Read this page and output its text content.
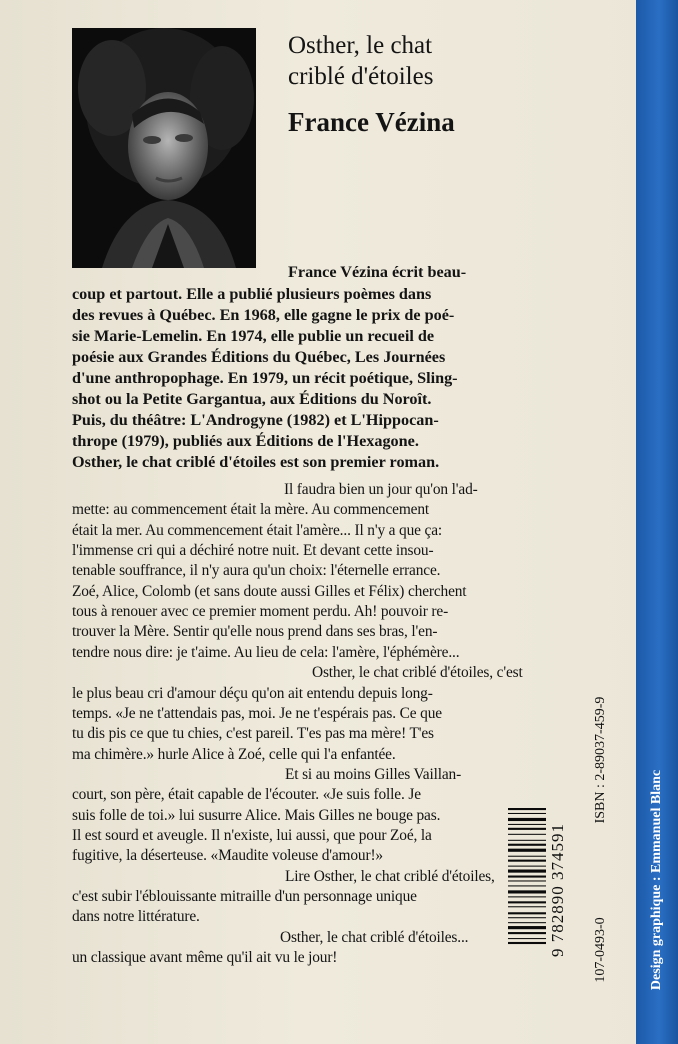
Osther, le chat
criblé d'étoiles
France Vézina
9 782890 374591 107-0493-0
ISBN : 2-89037-459-9
Design graphique : Emmanuel Blanc
France Vézina écrit beau-
coup et partout. Elle a publié plusieurs poèmes dans
des revues à Québec. En 1968, elle gagne le prix de poé-
sie Marie-Lemelin. En 1974, elle publie un recueil de
poésie aux Grandes Éditions du Québec, Les Journées
d'une anthropophage. En 1979, un récit poétique, Sling-
shot ou la Petite Gargantua, aux Éditions du Noroît.
Puis, du théâtre: L'Androgyne (1982) et L'Hippocan-
thrope (1979), publiés aux Éditions de l'Hexagone.
Osther, le chat criblé d'étoiles est son premier roman.
Il faudra bien un jour qu'on l'ad-
mette: au commencement était la mère. Au commencement
était la mer. Au commencement était l'amère... Il n'y a que ça:
l'immense cri qui a déchiré notre nuit. Et devant cette insou-
tenable souffrance, il n'y aura qu'un choix: l'éternelle errance.
Zoé, Alice, Colomb (et sans doute aussi Gilles et Félix) cherchent
tous à renouer avec ce premier moment perdu. Ah! pouvoir re-
trouver la Mère. Sentir qu'elle nous prend dans ses bras, l'en-
tendre nous dire: je t'aime. Au lieu de cela: l'amère, l'éphémère...
Osther, le chat criblé d'étoiles, c'est
le plus beau cri d'amour déçu qu'on ait entendu depuis long-
temps. «Je ne t'attendais pas, moi. Je ne t'espérais pas. Ce que
tu dis pis ce que tu chies, c'est pareil. T'es pas ma mère! T'es
ma chimère.» hurle Alice à Zoé, celle qui l'a enfantée.
Et si au moins Gilles Vaillan-
court, son père, était capable de l'écouter. «Je suis folle. Je
suis folle de toi.» lui susurre Alice. Mais Gilles ne bouge pas.
Il est sourd et aveugle. Il n'existe, lui aussi, que pour Zoé, la
fugitive, la déserteuse. «Maudite voleuse d'amour!»
Lire Osther, le chat criblé d'étoiles,
c'est subir l'éblouissante mitraille d'un personnage unique
dans notre littérature.
Osther, le chat criblé d'étoiles...
un classique avant même qu'il ait vu le jour!
